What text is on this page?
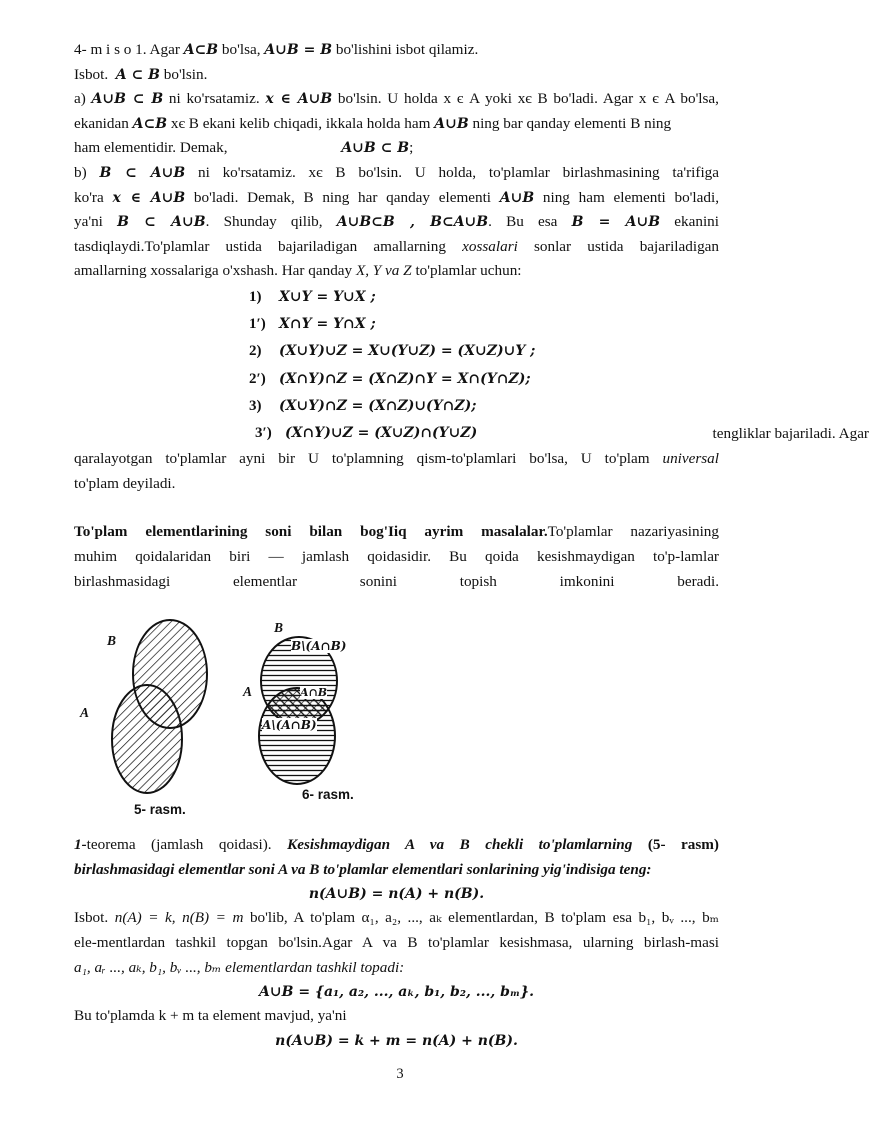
4- m i s o 1. Agar A⊂B bo'lsa, A∪B = B bo'lishini isbot qilamiz.

Isbot. A ⊂ B bo'lsin.

a) A∪B ⊂ B ni ko'rsatamiz. x ∈ A∪B bo'lsin. U holda x є A yoki xє B bo'ladi. Agar x є A bo'lsa,
ekanidan A⊂B xє B ekani kelib chiqadi, ikkala holda ham A∪B ning bar qanday elementi B ning
ham elementidir. Demak,	A∪B ⊂ B;

b) B ⊂ A∪B ni ko'rsatamiz. xє B bo'lsin. U holda, to'plamlar birlashmasining ta'rifiga
ko'ra x ∈ A∪B bo'ladi. Demak, B ning har qanday elementi A∪B ning ham elementi bo'ladi,
ya'ni B ⊂ A∪B. Shunday qilib, A∪B⊂B , B⊂A∪B. Bu esa B = A∪B ekanini
tasdiqlaydi.To'plamlar ustida bajariladigan amallarning xossalari sonlar ustida bajariladigan
amallarning xossalariga o'xshash. Har qanday X, Y va Z to'plamlar uchun:

1) X∪Y = Y∪X ;
1′) X∩Y = Y∩X ;
2) (X∪Y)∪Z = X∪(Y∪Z) = (X∪Z)∪Y ;
2′) (X∩Y)∩Z = (X∩Z)∩Y = X∩(Y∩Z);
3) (X∪Y)∩Z = (X∩Z)∪(Y∩Z);
3′) (X∩Y)∪Z = (X∪Z)∩(Y∪Z)	tengliklar bajariladi. Agar

qaralayotgan to'plamlar ayni bir U to'plamning qism-to'plamlari bo'lsa, U to'plam universal
to'plam deyiladi.

To'plam elementlarining soni bilan bog'Iiq ayrim masalalar.To'plamlar nazariyasining
muhim qoidalaridan biri — jamlash qoidasidir. Bu qoida kesishmaydigan to'p-lamlar
birlashmasidagi elementlar sonini topish imkonini beradi.

B
A
5- rasm.
B
A
B\(A∩B)
A∩B
A\(A∩B)
6- rasm.

1-teorema (jamlash qoidasi). Kesishmaydigan A va B chekli to'plamlarning (5- rasm)
birlashmasidagi elementlar soni A va B to'plamlar elementlari sonlarining yig'indisiga teng:

n(A∪B) = n(A) + n(B).

Isbot. n(A) = k, n(B) = m bo'lib, A to'plam α₁, a₂, ..., aₖ elementlardan, B to'plam esa b₁, bᵥ ..., bₘ
ele-mentlardan tashkil topgan bo'lsin.Agar A va B to'plamlar kesishmasa, ularning birlash-masi
a₁, aᵣ ..., aₖ, b₁, bᵥ ..., bₘ elementlardan tashkil topadi:

A∪B = {a₁, a₂, ..., aₖ, b₁, b₂, ..., bₘ}.

Bu to'plamda k + m ta element mavjud, ya'ni

n(A∪B) = k + m = n(A) + n(B).
3
